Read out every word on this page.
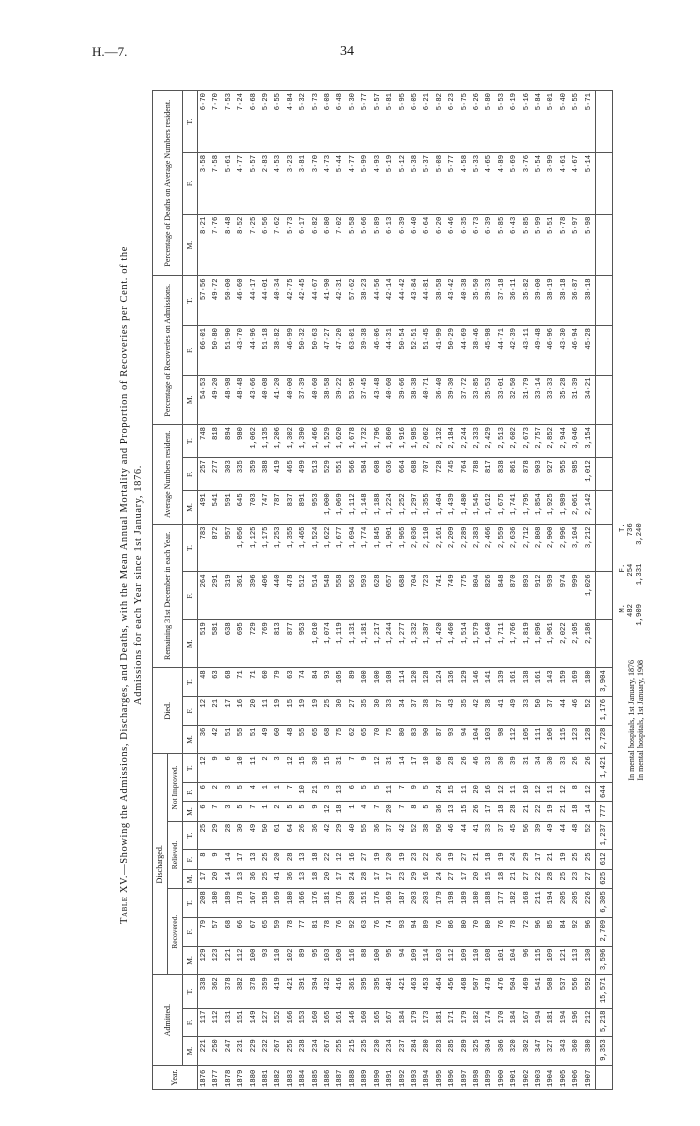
H.—7.	34
Table XV.—Showing the Admissions, Discharges, and Deaths, with the Mean Annual Mortality and Proportion of Recoveries per Cent. of the Admissions for each Year since 1st January, 1876.
Year.	Admitted.			Discharged.									Died.			Remaining 31st December in each Year.			Average Numbers resident.			Percentage of Recoveries on Admissions.			Percentage of Deaths on Average Numbers resident.		
				Recovered.			Relieved.			Not Improved.																	
	M.	F.	T.	M.	F.	T.	M.	F.	T.	M.	F.	T.	M.	F.	T.	M.	F.	T.	M.	F.	T.	M.	F.	T.	M.	F.	T.
1876	221	117	338	129	79	208	17	8	25	6	6	12	36	12	48	519	264	783	491	257	748	54·53	66·01	57·56	8·21	3·58	6·70
1877	250	112	362	123	57	180	20	9	29	7	2	9	42	21	63	581	291	872	541	277	818	49·20	50·80	49·72	7·76	7·58	7·70
1878	247	131	378	121	68	189	14	14	28	3	3	6	51	17	68	638	319	957	591	303	894	48·98	51·90	50·00	8·48	5·61	7·53
1879	231	151	382	112	66	178	13	17	30	5	5	10	55	16	71	695	361	1,056	645	335	980	48·48	43·70	46·60	8·52	4·77	7·24
1880	229	149	378	100	67	167	36	13	49	7	4	11	51	20	71	729	396	1,125	703	359	1,062	43·66	44·96	44·17	7·25	5·57	6·68
1881	232	127	359	93	65	158	25	25	50	1	1	2	49	11	60	769	406	1,175	747	388	1,135	40·08	51·18	44·01	6·56	2·83	5·29
1882	267	152	419	110	59	169	41	20	61	2	1	3	60	19	79	813	440	1,253	787	419	1,206	41·20	38·82	40·34	7·62	4·53	6·55
1883	255	166	421	102	78	180	36	28	64	5	7	12	48	15	63	877	478	1,355	837	465	1,302	40·00	46·99	42·75	5·73	3·23	4·84
1884	238	153	391	89	77	166	13	13	26	5	10	15	55	19	74	953	512	1,465	891	499	1,390	37·39	50·32	42·45	6·17	3·81	5·32
1885	234	160	394	95	81	176	18	18	36	9	21	30	65	19	84	1,010	514	1,524	953	513	1,466	40·60	50·63	44·67	6·82	3·70	5·73
1886	267	165	432	103	78	181	20	22	42	12	3	15	68	25	93	1,074	548	1,622	1,000	529	1,529	38·58	47·27	41·90	6·80	4·73	6·08
1887	255	161	416	100	76	176	17	12	29	18	13	31	75	30	105	1,119	558	1,677	1,069	551	1,620	39·22	47·20	42·31	7·02	5·44	6·48
1888	215	146	361	116	92	208	24	16	40	1	6	7	62	27	89	1,131	563	1,694	1,112	566	1,678	53·95	63·01	57·62	5·58	4·77	5·30
1889	235	160	395	88	63	151	28	27	55	4	5	9	65	35	100	1,181	593	1,774	1,148	584	1,732	37·45	39·38	38·23	5·66	5·99	5·77
1890	230	165	395	100	76	176	17	19	36	7	5	12	70	30	100	1,217	628	1,845	1,188	608	1,796	43·48	46·06	44·56	5·89	4·93	5·57
1891	234	167	401	95	74	169	17	20	37	20	11	31	75	33	108	1,244	657	1,901	1,224	636	1,860	40·60	44·31	42·14	6·13	5·19	5·81
1892	237	184	421	94	93	187	23	19	42	7	7	14	80	34	114	1,277	688	1,965	1,252	664	1,916	39·66	50·54	44·42	6·39	5·12	5·95
1893	284	179	463	109	94	203	29	23	52	8	9	17	83	37	120	1,332	704	2,036	1,297	688	1,985	38·38	52·51	43·84	6·40	5·38	6·05
1894	280	173	453	114	89	203	16	22	38	5	5	10	90	38	128	1,387	723	2,110	1,355	707	2,062	40·71	51·45	44·81	6·64	5·37	6·21
1895	283	181	464	103	76	179	24	26	50	36	24	60	87	37	124	1,420	741	2,161	1,404	728	2,132	36·40	41·99	38·58	6·20	5·08	5·82
1896	285	171	456	112	86	198	27	19	46	13	15	28	93	43	136	1,460	749	2,209	1,439	745	2,184	39·30	50·29	43·42	6·46	5·77	6·23
1897	289	179	468	109	80	189	17	27	44	15	11	26	94	35	129	1,514	775	2,289	1,480	764	2,244	37·72	44·69	40·38	6·35	4·58	5·75
1898	325	182	507	110	70	180	20	21	41	26	20	46	104	42	146	1,579	804	2,383	1,545	788	2,333	33·85	38·46	35·50	6·73	5·33	6·26
1899	304	174	478	108	80	188	15	18	33	17	16	33	103	38	141	1,640	826	2,466	1,612	817	2,429	35·53	45·98	39·33	6·39	4·65	5·80
1900	306	170	476	101	76	177	18	19	37	18	12	30	98	41	139	1,711	848	2,559	1,675	838	2,513	33·01	44·71	37·18	5·85	4·89	5·53
1901	320	184	504	104	78	182	21	24	45	28	11	39	112	49	161	1,766	870	2,636	1,741	861	2,602	32·50	42·39	36·11	6·43	5·69	6·19
1902	302	167	469	96	72	168	27	29	56	21	10	31	105	33	138	1,819	893	2,712	1,795	878	2,673	31·79	43·11	35·82	5·85	3·76	5·16
1903	347	194	541	115	96	211	22	17	39	22	12	34	111	50	161	1,896	912	2,808	1,854	903	2,757	33·14	49·48	39·00	5·99	5·54	5·84
1904	327	181	508	109	85	194	28	21	49	19	11	30	106	37	143	1,961	939	2,900	1,925	927	2,852	33·33	46·96	38·19	5·51	3·99	5·01
1905	343	194	537	121	84	205	25	19	44	21	12	33	115	44	159	2,022	974	2,996	1,989	955	2,944	35·28	43·30	38·18	5·78	4·61	5·40
1906	360	196	556	113	92	205	23	25	48	18	8	26	123	46	169	2,105	999	3,104	2,061	985	3,046	31·39	46·94	36·87	5·97	4·67	5·55
1907	380	212	592	130	96	226	27	25	52	14	12	26	128	52	180	2,186	1,026	3,212	2,142	1,012	3,154	34·21	45·28	38·18	5·98	5·14	5·71
	9,353	5,218	15,571	3,596	2,709	6,305	625	612	1,237	777	644	1,421	2,728	1,176	3,904												
M. F. T.
In mental hospitals, 1st January, 1876
482 254 736
In mental hospitals, 1st January, 1908
1,909 1,331 3,240
